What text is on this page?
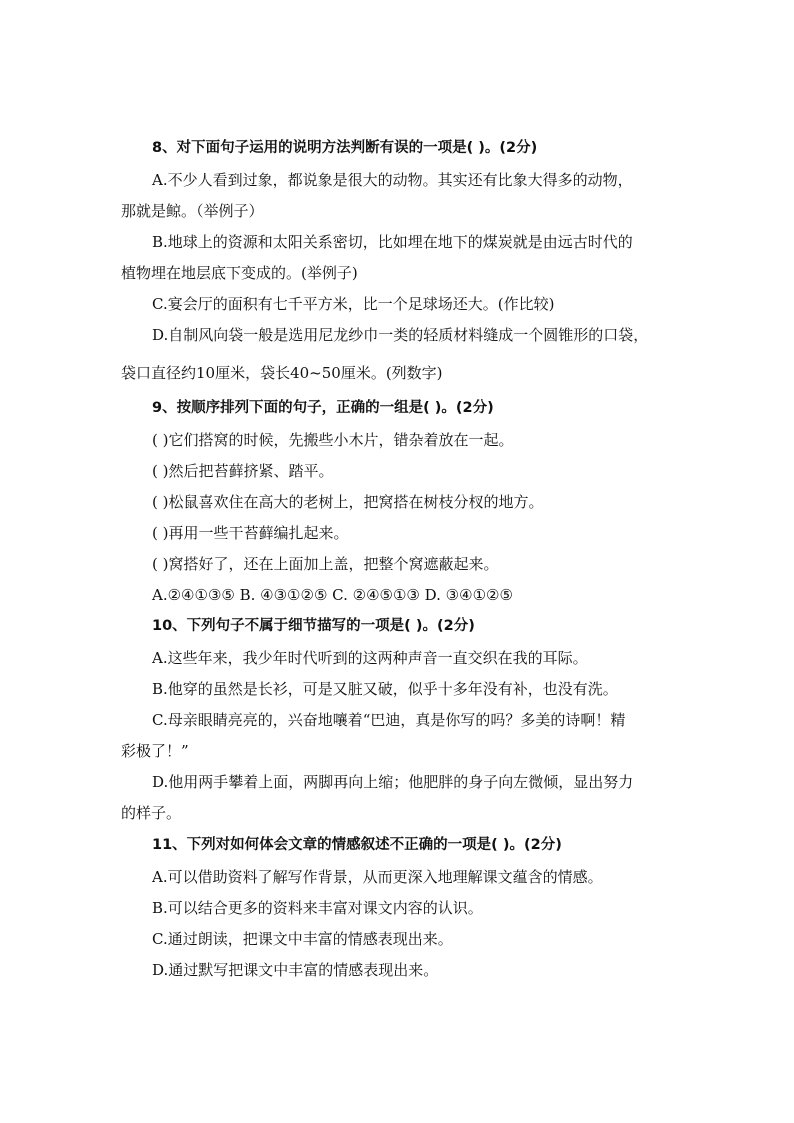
8、对下面句子运用的说明方法判断有误的一项是( )。(2分)
A.不少人看到过象，都说象是很大的动物。其实还有比象大得多的动物，
那就是鲸。（举例子）
B.地球上的资源和太阳关系密切，比如埋在地下的煤炭就是由远古时代的
植物埋在地层底下变成的。(举例子)
C.宴会厅的面积有七千平方米，比一个足球场还大。(作比较)
D.自制风向袋一般是选用尼龙纱巾一类的轻质材料缝成一个圆锥形的口袋，
袋口直径约10厘米，袋长40~50厘米。(列数字)
9、按顺序排列下面的句子，正确的一组是( )。(2分)
( )它们搭窝的时候，先搬些小木片，错杂着放在一起。
( )然后把苔藓挤紧、踏平。
( )松鼠喜欢住在高大的老树上，把窝搭在树枝分杈的地方。
( )再用一些干苔藓编扎起来。
( )窝搭好了，还在上面加上盖，把整个窝遮蔽起来。
A.②④①③⑤ B. ④③①②⑤ C. ②④⑤①③ D. ③④①②⑤
10、下列句子不属于细节描写的一项是( )。(2分)
A.这些年来，我少年时代听到的这两种声音一直交织在我的耳际。
B.他穿的虽然是长衫，可是又脏又破，似乎十多年没有补，也没有洗。
C.母亲眼睛亮亮的，兴奋地嚷着“巴迪，真是你写的吗？多美的诗啊！精
彩极了！”
D.他用两手攀着上面，两脚再向上缩；他肥胖的身子向左微倾，显出努力
的样子。
11、下列对如何体会文章的情感叙述不正确的一项是( )。(2分)
A.可以借助资料了解写作背景，从而更深入地理解课文蕴含的情感。
B.可以结合更多的资料来丰富对课文内容的认识。
C.通过朗读，把课文中丰富的情感表现出来。
D.通过默写把课文中丰富的情感表现出来。
